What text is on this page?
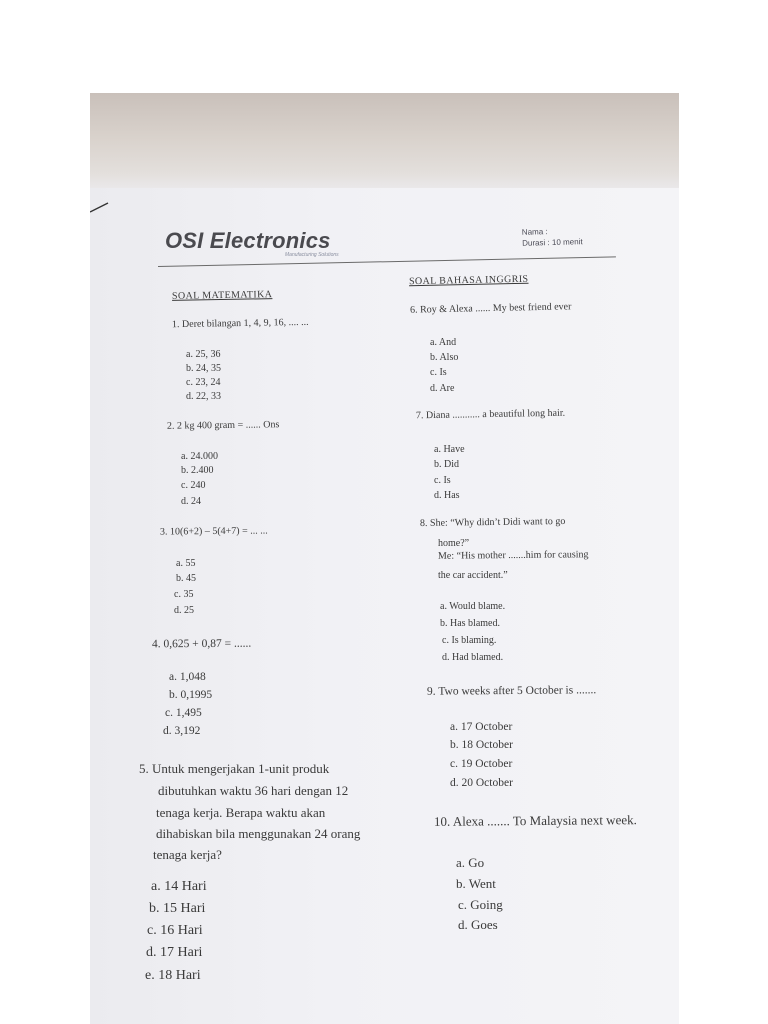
OSI Electronics
Manufacturing Solutions
Nama :
Durasi : 10 menit
SOAL MATEMATIKA
1. Deret bilangan 1, 4, 9, 16, .... ...
a. 25, 36
b. 24, 35
c. 23, 24
d. 22, 33
2. 2 kg 400 gram = ...... Ons
a. 24.000
b. 2.400
c. 240
d. 24
3. 10(6+2) – 5(4+7) = ... ...
a. 55
b. 45
c. 35
d. 25
4. 0,625 + 0,87 = ......
a. 1,048
b. 0,1995
c. 1,495
d. 3,192
5. Untuk mengerjakan 1-unit produk
dibutuhkan waktu 36 hari dengan 12
tenaga kerja. Berapa waktu akan
dihabiskan bila menggunakan 24 orang
tenaga kerja?
a. 14 Hari
b. 15 Hari
c. 16 Hari
d. 17 Hari
e. 18 Hari
SOAL BAHASA INGGRIS
6. Roy & Alexa ...... My best friend ever
a. And
b. Also
c. Is
d. Are
7. Diana ........... a beautiful long hair.
a. Have
b. Did
c. Is
d. Has
8. She: “Why didn’t Didi want to go
home?”
Me: “His mother .......him for causing
the car accident.”
a. Would blame.
b. Has blamed.
c. Is blaming.
d. Had blamed.
9. Two weeks after 5 October is .......
a. 17 October
b. 18 October
c. 19 October
d. 20 October
10. Alexa ....... To Malaysia next week.
a. Go
b. Went
c. Going
d. Goes
